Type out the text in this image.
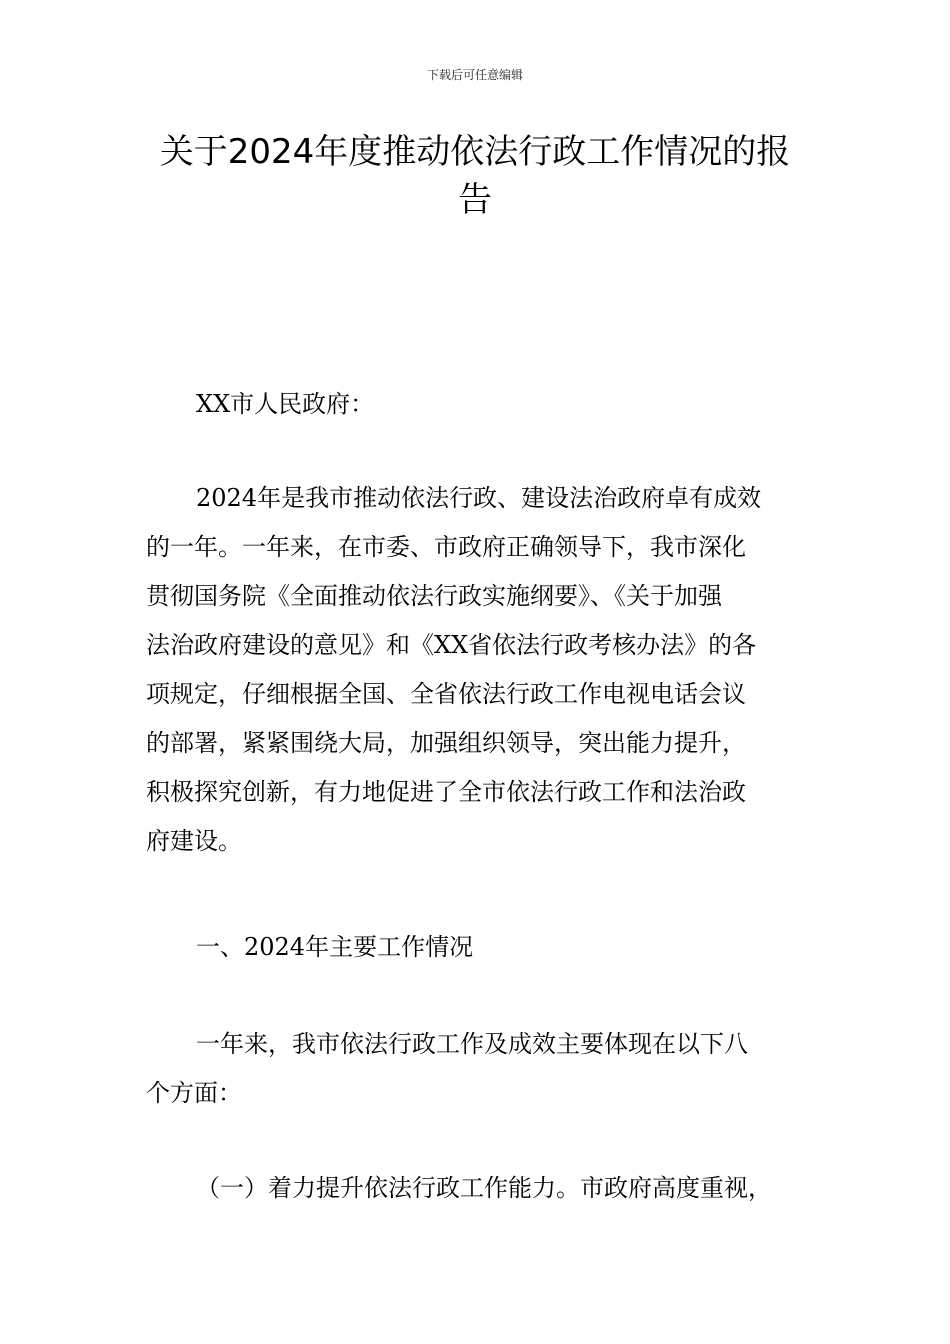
下载后可任意编辑
关于2024年度推动依法行政工作情况的报
告
XX市人民政府：
2024年是我市推动依法行政、建设法治政府卓有成效
的一年。一年来，在市委、市政府正确领导下，我市深化
贯彻国务院《全面推动依法行政实施纲要》、《关于加强
法治政府建设的意见》和《XX省依法行政考核办法》的各
项规定，仔细根据全国、全省依法行政工作电视电话会议
的部署，紧紧围绕大局，加强组织领导，突出能力提升，
积极探究创新，有力地促进了全市依法行政工作和法治政
府建设。
一、2024年主要工作情况
一年来，我市依法行政工作及成效主要体现在以下八
个方面：
（一）着力提升依法行政工作能力。市政府高度重视，
